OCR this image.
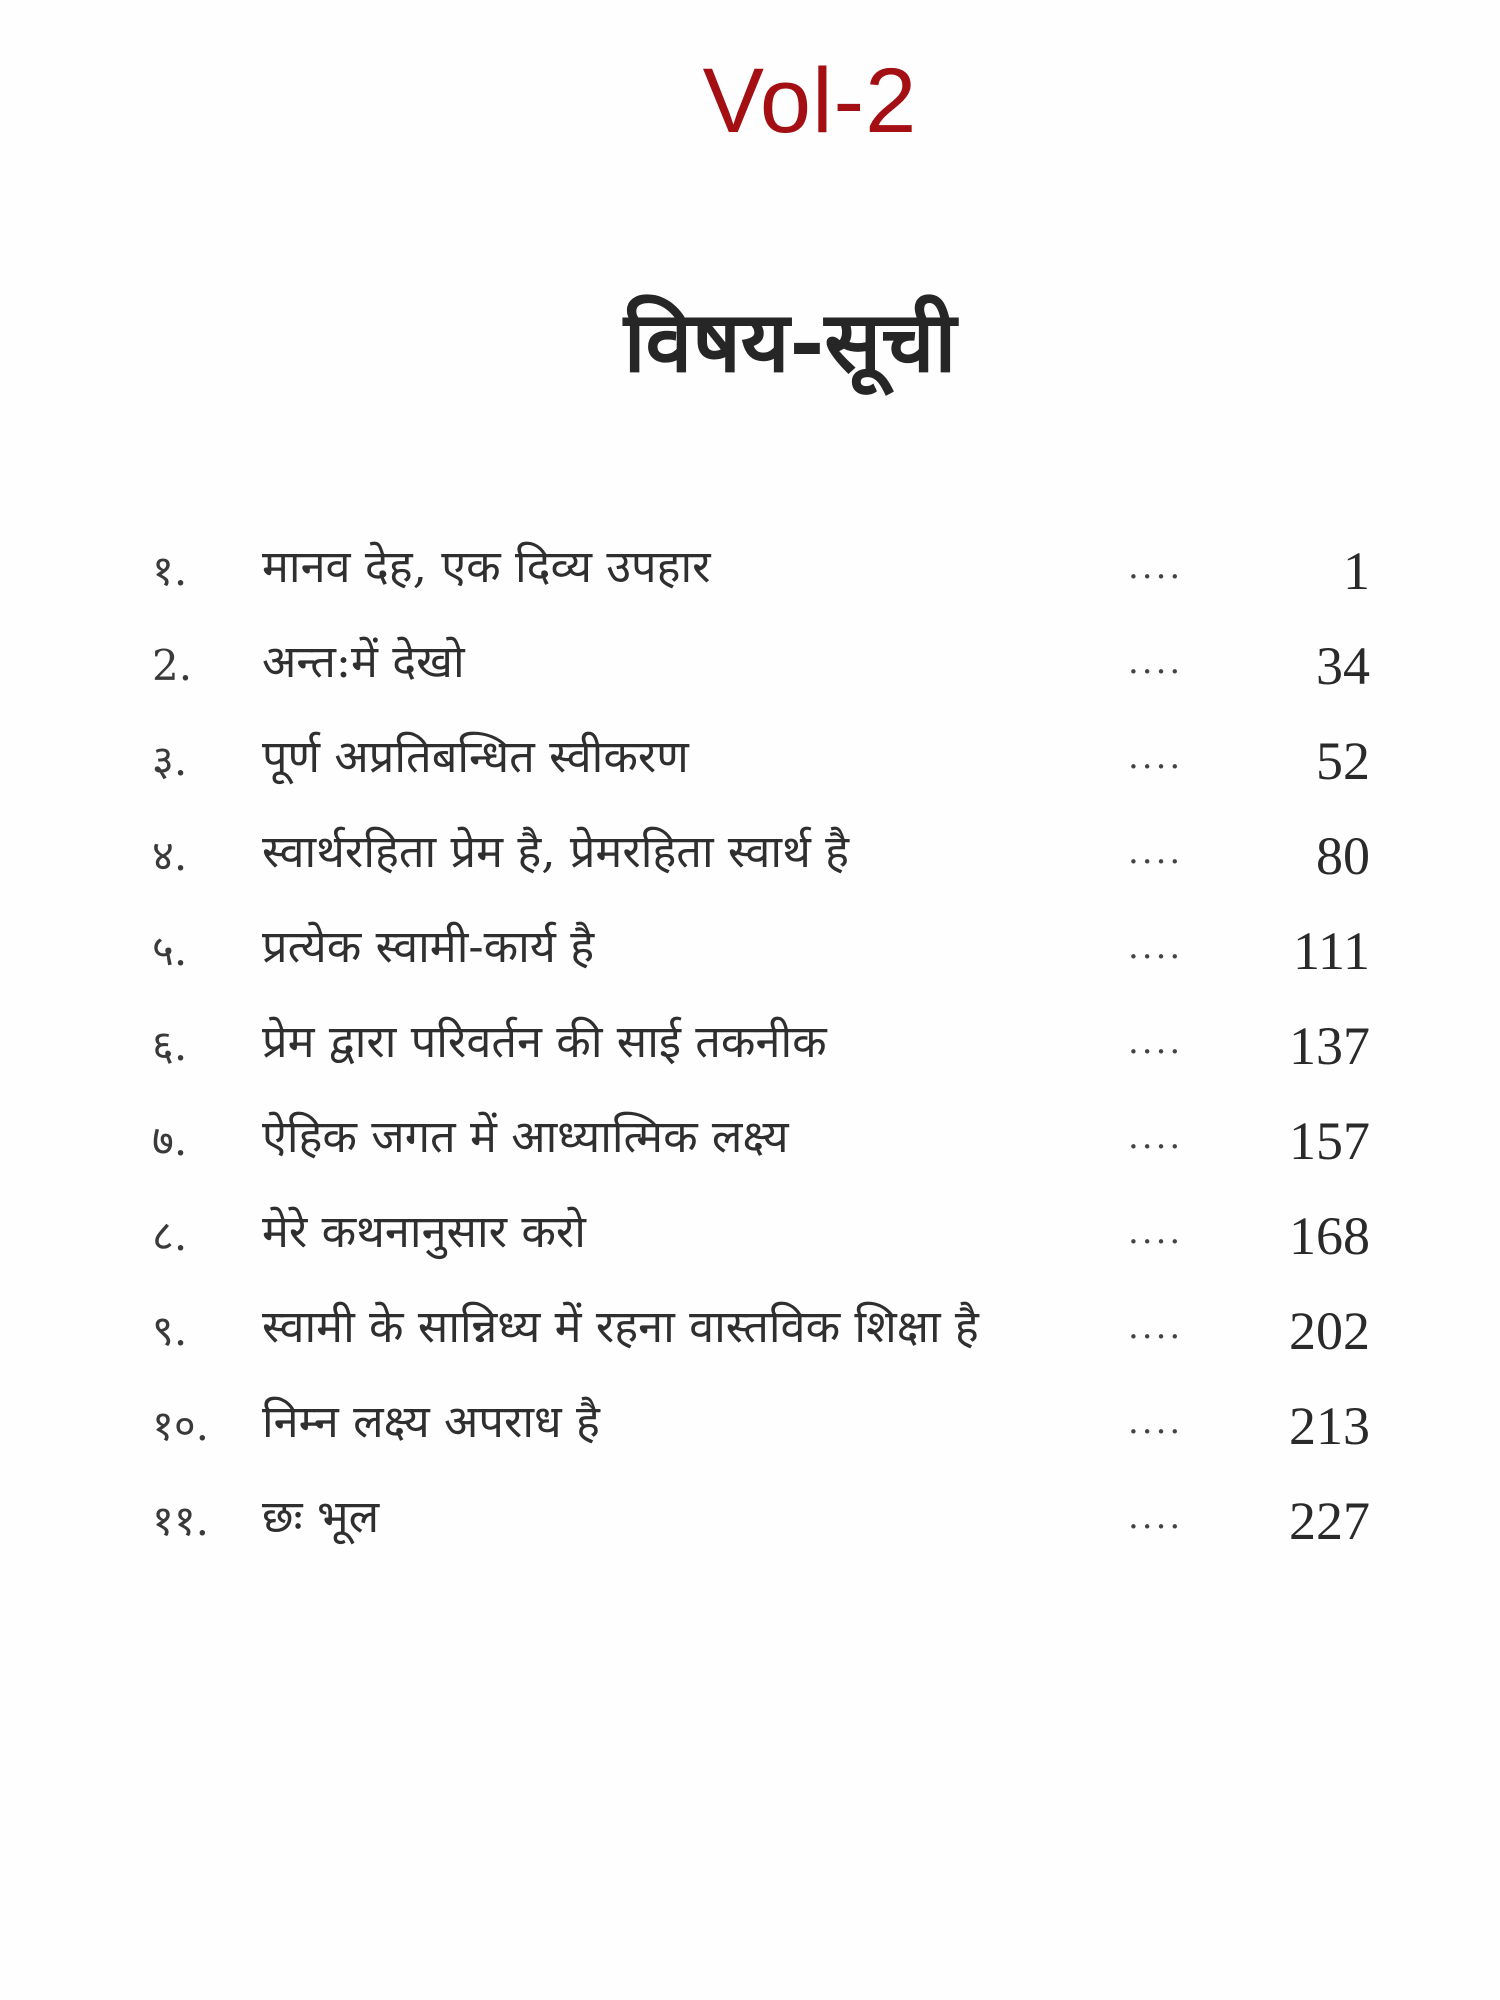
Vol-2
विषय-सूची
१. मानव देह, एक दिव्य उपहार	....	1
2. अन्त:में देखो	.... 34
३. पूर्ण अप्रतिबन्धित स्वीकरण	.... 52
४. स्वार्थरहिता प्रेम है, प्रेमरहिता स्वार्थ है	.... 80
५. प्रत्येक स्वामी-कार्य है	.... 111
६. प्रेम द्वारा परिवर्तन की साई तकनीक	.... 137
७. ऐहिक जगत में आध्यात्मिक लक्ष्य	.... 157
८. मेरे कथनानुसार करो	.... 168
९. स्वामी के सान्निध्य में रहना वास्तविक शिक्षा है	.... 202
१०. निम्न लक्ष्य अपराध है	.... 213
११. छः भूल	.... 227
